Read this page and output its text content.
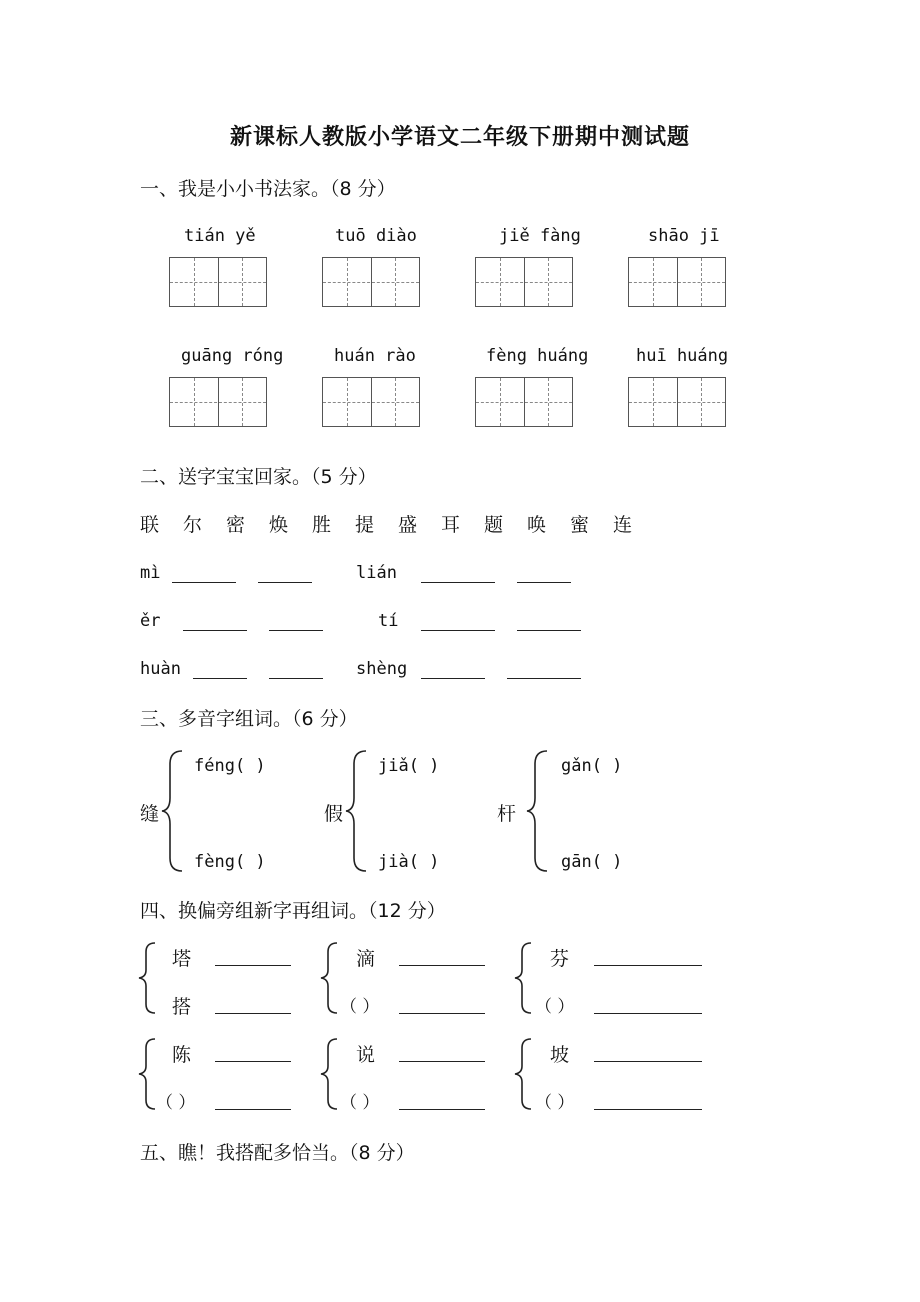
新课标人教版小学语文二年级下册期中测试题
一、我是小小书法家。（8 分）
tián yě	tuō diào	jiě fàng	shāo jī
guāng róng	huán rào	fèng huáng	huī huáng
二、送字宝宝回家。（5 分）
联 尔 密 焕 胜 提 盛 耳 题 唤 蜜 连
mì	lián
ěr	tí
huàn	shèng
三、多音字组词。（6 分）
缝
féng( )
fèng( )
假
jiǎ( )
jià( )
杆
gǎn( )
gān( )
四、换偏旁组新字再组词。（12 分）
塔
搭
滴
（ ）
芬
（ ）
陈
（ ）
说
（ ）
坡
（ ）
五、瞧！我搭配多恰当。（8 分）
